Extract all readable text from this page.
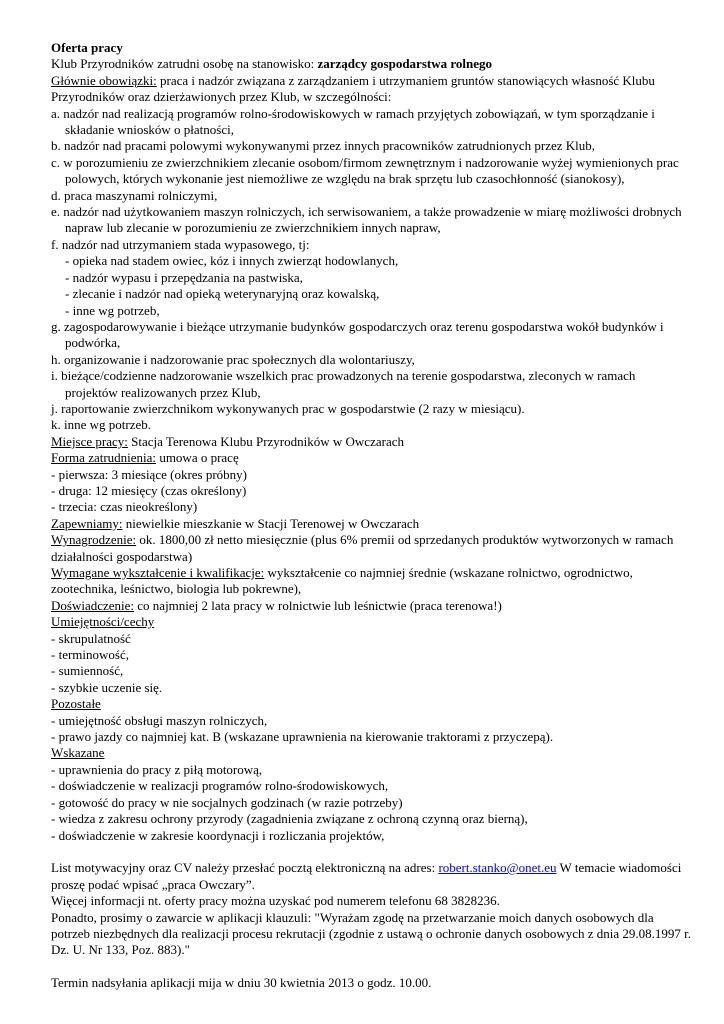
Oferta pracy

Klub Przyrodników zatrudni osobę na stanowisko: zarządcy gospodarstwa rolnego

Głównie obowiązki: praca i nadzór związana z zarządzaniem i utrzymaniem gruntów stanowiących własność Klubu Przyrodników oraz dzierżawionych przez Klub, w szczególności:

a. nadzór nad realizacją programów rolno-środowiskowych w ramach przyjętych zobowiązań, w tym sporządzanie i składanie wniosków o płatności,

b. nadzór nad pracami polowymi wykonywanymi przez innych pracowników zatrudnionych przez Klub,

c. w porozumieniu ze zwierzchnikiem zlecanie osobom/firmom zewnętrznym i nadzorowanie wyżej wymienionych prac polowych, których wykonanie jest niemożliwe ze względu na brak sprzętu lub czasochłonność (sianokosy),

d. praca maszynami rolniczymi,

e. nadzór nad użytkowaniem maszyn rolniczych, ich serwisowaniem, a także prowadzenie w miarę możliwości drobnych napraw lub zlecanie w porozumieniu ze zwierzchnikiem innych napraw,

f. nadzór nad utrzymaniem stada wypasowego, tj:

- opieka nad stadem owiec, kóz i innych zwierząt hodowlanych,

- nadzór wypasu i przepędzania na pastwiska,

- zlecanie i nadzór nad opieką weterynaryjną oraz kowalską,

- inne wg potrzeb,

g. zagospodarowywanie i bieżące utrzymanie budynków gospodarczych oraz terenu gospodarstwa wokół budynków i podwórka,

h. organizowanie i nadzorowanie prac społecznych dla wolontariuszy,

i. bieżące/codzienne nadzorowanie wszelkich prac prowadzonych na terenie gospodarstwa, zleconych w ramach projektów realizowanych przez Klub,

j. raportowanie zwierzchnikom wykonywanych prac w gospodarstwie (2 razy w miesiącu).

k. inne wg potrzeb.

Miejsce pracy: Stacja Terenowa Klubu Przyrodników w Owczarach

Forma zatrudnienia: umowa o pracę

- pierwsza: 3 miesiące (okres próbny)

- druga: 12 miesięcy (czas określony)

- trzecia: czas nieokreślony)

Zapewniamy: niewielkie mieszkanie w Stacji Terenowej w Owczarach

Wynagrodzenie: ok. 1800,00 zł netto miesięcznie (plus 6% premii od sprzedanych produktów wytworzonych w ramach działalności gospodarstwa)

Wymagane wykształcenie i kwalifikacje: wykształcenie co najmniej średnie (wskazane rolnictwo, ogrodnictwo, zootechnika, leśnictwo, biologia lub pokrewne),

Doświadczenie: co najmniej 2 lata pracy w rolnictwie lub leśnictwie (praca terenowa!)

Umiejętności/cechy

- skrupulatność

- terminowość,

- sumienność,

- szybkie uczenie się.

Pozostałe

- umiejętność obsługi maszyn rolniczych,

- prawo jazdy co najmniej kat. B (wskazane uprawnienia na kierowanie traktorami z przyczepą).

Wskazane

- uprawnienia do pracy z piłą motorową,

- doświadczenie w realizacji programów rolno-środowiskowych,

- gotowość do pracy w nie socjalnych godzinach (w razie potrzeby)

- wiedza z zakresu ochrony przyrody (zagadnienia związane z ochroną czynną oraz bierną),

- doświadczenie w zakresie koordynacji i rozliczania projektów,

List motywacyjny oraz CV należy przesłać pocztą elektroniczną na adres: robert.stanko@onet.eu W temacie wiadomości proszę podać wpisać „praca Owczary”.

Więcej informacji nt. oferty pracy można uzyskać pod numerem telefonu 68 3828236.

Ponadto, prosimy o zawarcie w aplikacji klauzuli: "Wyrażam zgodę na przetwarzanie moich danych osobowych dla potrzeb niezbędnych dla realizacji procesu rekrutacji (zgodnie z ustawą o ochronie danych osobowych z dnia 29.08.1997 r. Dz. U. Nr 133, Poz. 883)."

Termin nadsyłania aplikacji mija w dniu 30 kwietnia 2013 o godz. 10.00.
